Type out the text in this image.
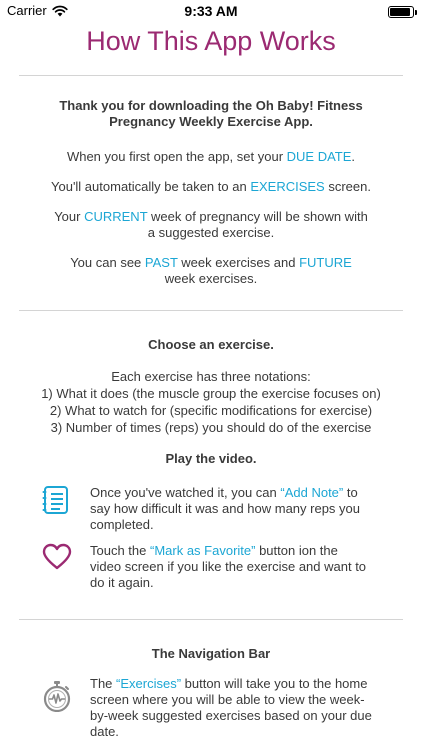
Carrier	9:33 AM
How This App Works
Thank you for downloading the Oh Baby! Fitness
Pregnancy Weekly Exercise App.
When you first open the app, set your DUE DATE.
You'll automatically be taken to an EXERCISES screen.
Your CURRENT week of pregnancy will be shown with
a suggested exercise.
You can see PAST week exercises and FUTURE
week exercises.
Choose an exercise.
Each exercise has three notations:
1) What it does (the muscle group the exercise focuses on)
2) What to watch for (specific modifications for exercise)
3) Number of times (reps) you should do of the exercise
Play the video.
Once you've watched it, you can “Add Note” to say how difficult it was and how many reps you completed.
Touch the “Mark as Favorite” button ion the video screen if you like the exercise and want to do it again.
The Navigation Bar
The “Exercises” button will take you to the home screen where you will be able to view the week-by-week suggested exercises based on your due date.
